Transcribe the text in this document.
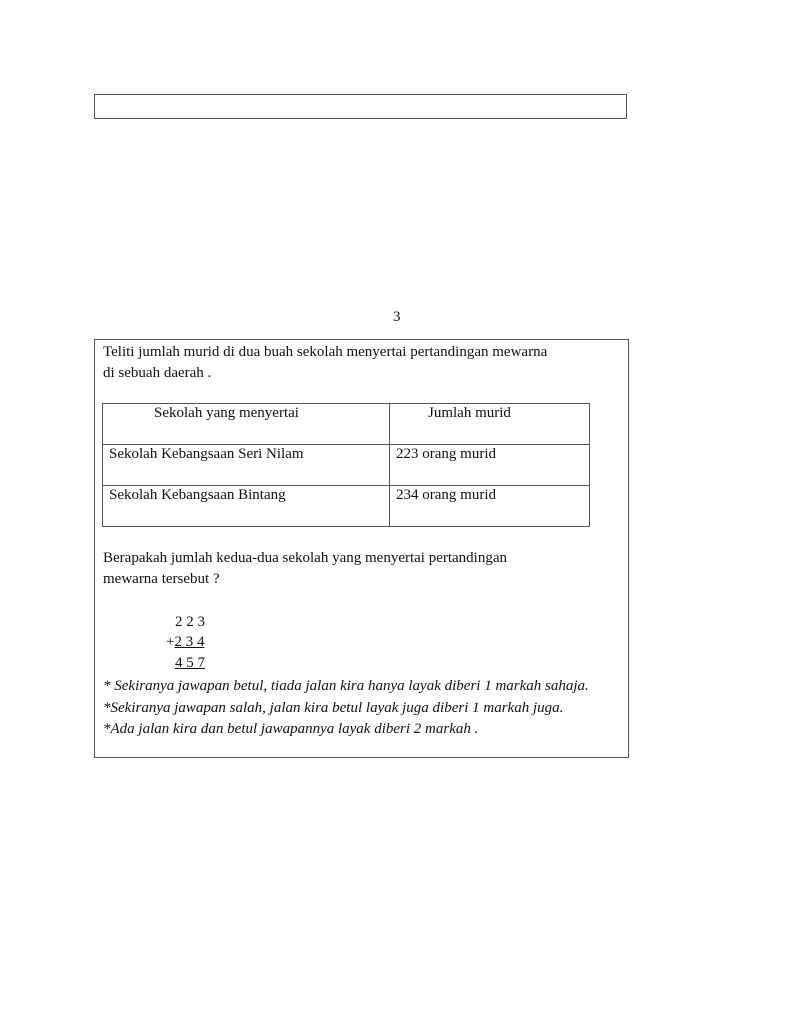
3
Teliti jumlah murid di dua buah sekolah menyertai pertandingan mewarna
di sebuah daerah .
Sekolah yang menyertai	Jumlah murid
Sekolah Kebangsaan Seri Nilam	223 orang murid
Sekolah Kebangsaan Bintang	234 orang murid
Berapakah jumlah kedua-dua sekolah yang menyertai pertandingan
mewarna tersebut ?
2 2 3
+2 3 4
4 5 7
* Sekiranya jawapan betul, tiada jalan kira hanya layak diberi 1 markah sahaja.
*Sekiranya jawapan salah, jalan kira betul layak juga diberi 1 markah juga.
*Ada jalan kira dan betul jawapannya layak diberi 2 markah .
